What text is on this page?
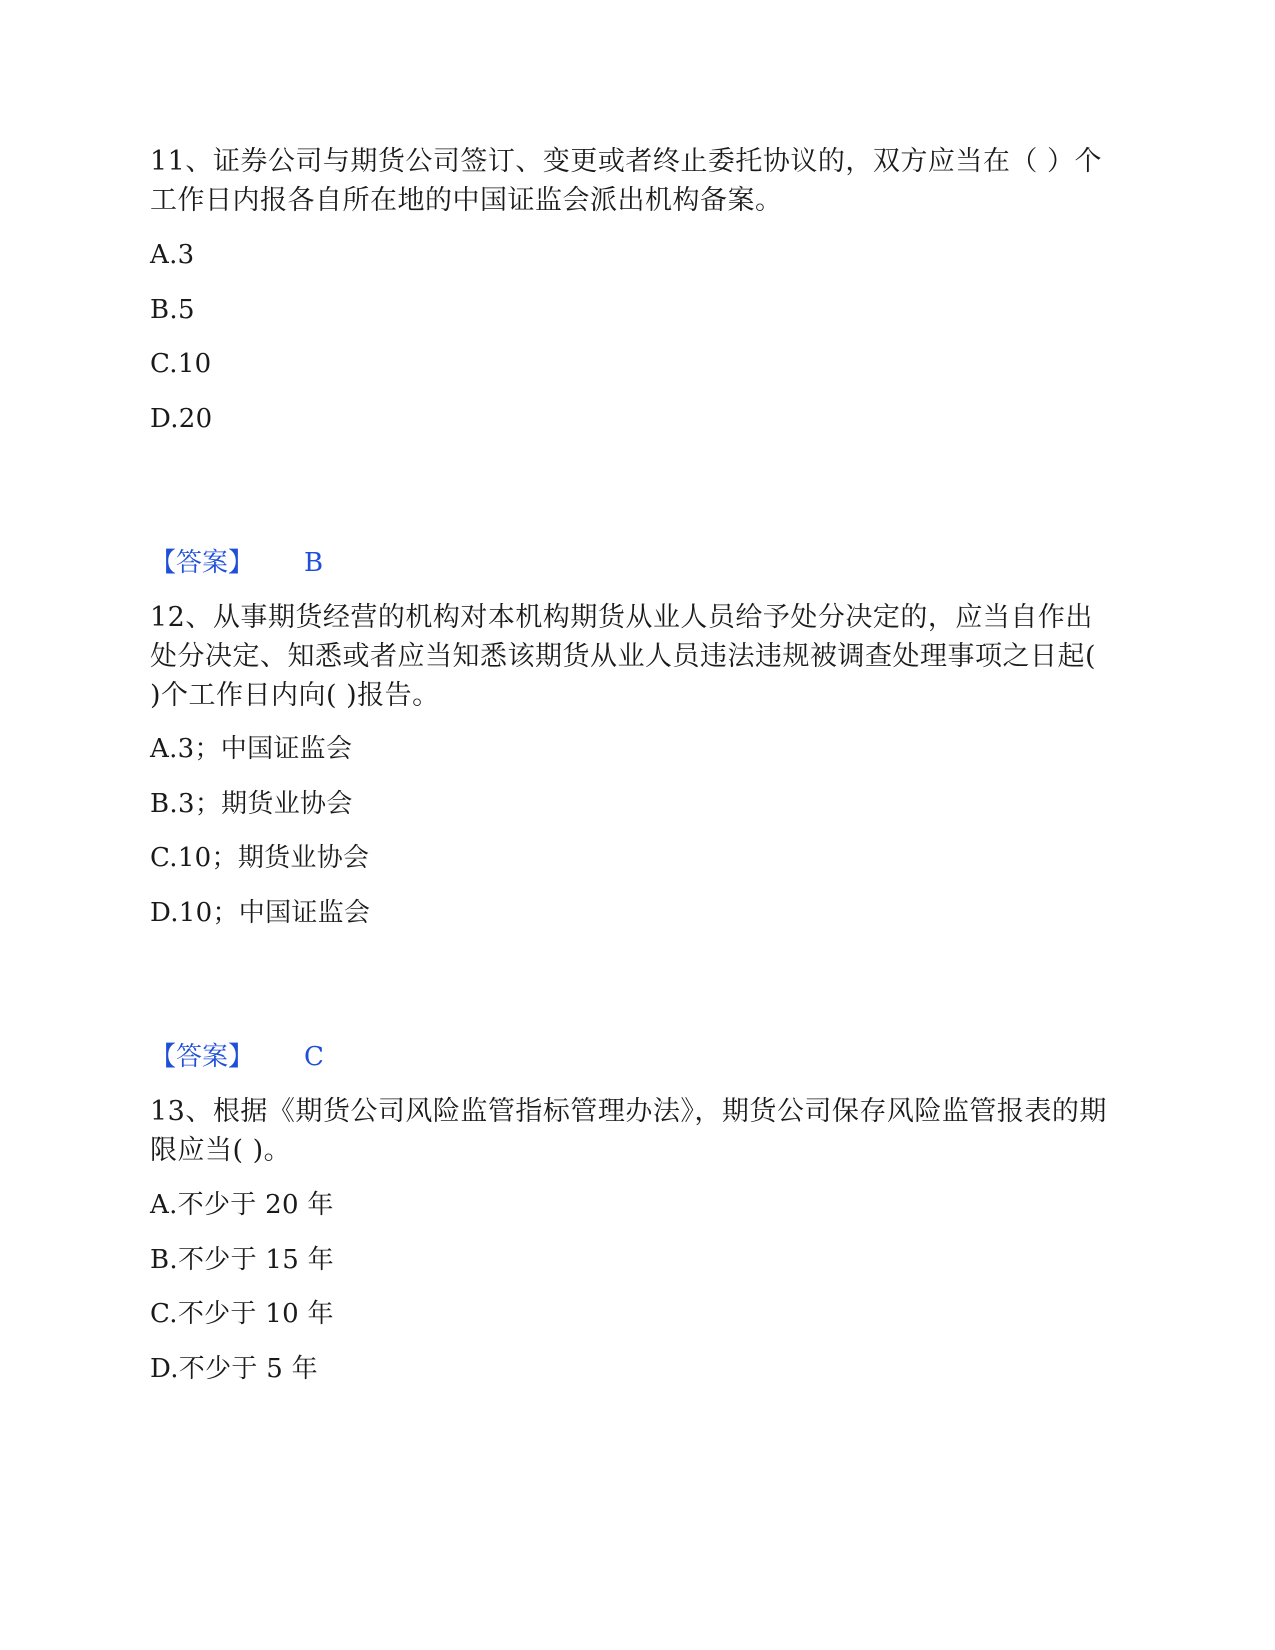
11、证券公司与期货公司签订、变更或者终止委托协议的，双方应当在（ ）个工作日内报各自所在地的中国证监会派出机构备案。

A.3
B.5
C.10
D.20
【答案】 B

12、从事期货经营的机构对本机构期货从业人员给予处分决定的，应当自作出处分决定、知悉或者应当知悉该期货从业人员违法违规被调查处理事项之日起( )个工作日内向( )报告。

A.3；中国证监会
B.3；期货业协会
C.10；期货业协会
D.10；中国证监会
【答案】 C

13、根据《期货公司风险监管指标管理办法》，期货公司保存风险监管报表的期限应当( )。

A.不少于 20 年
B.不少于 15 年
C.不少于 10 年
D.不少于 5 年
